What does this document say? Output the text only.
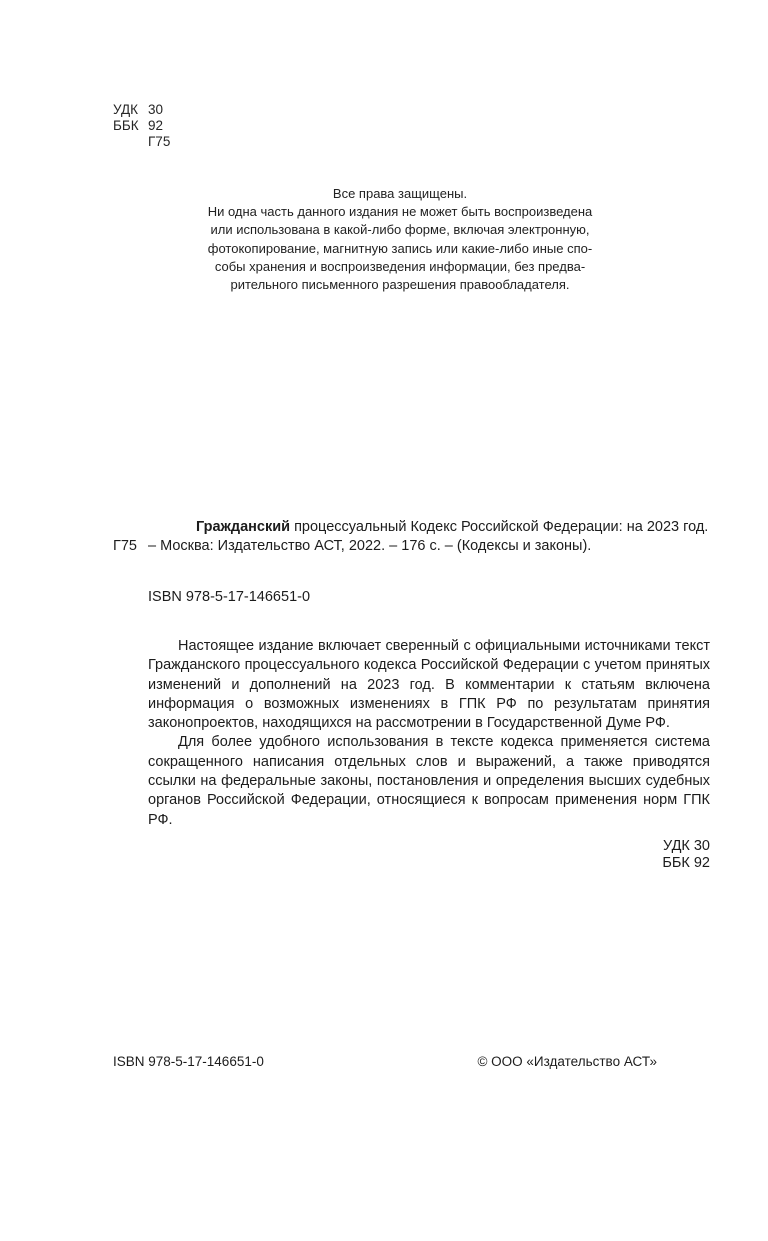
УДК 30
ББК 92
Г75
Все права защищены.
Ни одна часть данного издания не может быть воспроизведена
или использована в какой-либо форме, включая электронную,
фотокопирование, магнитную запись или какие-либо иные спо-
собы хранения и воспроизведения информации, без предва-
рительного письменного разрешения правообладателя.
Г75
Гражданский процессуальный Кодекс Российской Федерации: на 2023 год. – Москва: Издательство АСТ, 2022. – 176 с. – (Кодексы и законы).
ISBN 978-5-17-146651-0

Настоящее издание включает сверенный с официальными источниками текст Гражданского процессуального кодекса Российской Федерации с учетом принятых изменений и дополнений на 2023 год. В комментарии к статьям включена информация о возможных изменениях в ГПК РФ по результатам принятия законопроектов, находящихся на рассмотрении в Государственной Думе РФ.

Для более удобного использования в тексте кодекса применяется система сокращенного написания отдельных слов и выражений, а также приводятся ссылки на федеральные законы, постановления и определения высших судебных органов Российской Федерации, относящиеся к вопросам применения норм ГПК РФ.

УДК 30
ББК 92
ISBN 978-5-17-146651-0	© ООО «Издательство АСТ»
